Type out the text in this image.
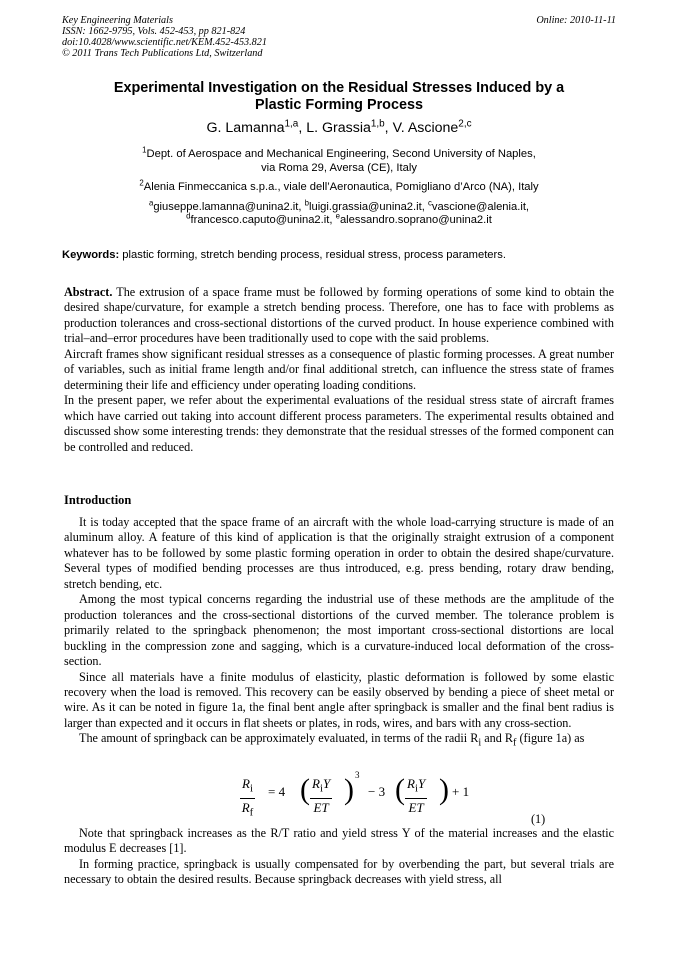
Key Engineering Materials
ISSN: 1662-9795, Vols. 452-453, pp 821-824
doi:10.4028/www.scientific.net/KEM.452-453.821
© 2011 Trans Tech Publications Ltd, Switzerland
Online: 2010-11-11
Experimental Investigation on the Residual Stresses Induced by a
Plastic Forming Process
G. Lamanna$^{1,a}$, L. Grassia$^{1,b}$, V. Ascione$^{2,c}$
$^1$Dept. of Aerospace and Mechanical Engineering, Second University of Naples,
via Roma 29, Aversa (CE), Italy
$^2$Alenia Finmeccanica s.p.a., viale dell’Aeronautica, Pomigliano d’Arco (NA), Italy
$^a$giuseppe.lamanna@unina2.it, $^b$luigi.grassia@unina2.it, $^c$vascione@alenia.it,
$^d$francesco.caputo@unina2.it, $^e$alessandro.soprano@unina2.it
Keywords: plastic forming, stretch bending process, residual stress, process parameters.

Abstract. The extrusion of a space frame must be followed by forming operations of some kind to obtain the desired shape/curvature, for example a stretch bending process. Therefore, one has to face with problems as production tolerances and cross-sectional distortions of the curved product. In house experience combined with trial–and–error procedures have been traditionally used to cope with the said problems.

Aircraft frames show significant residual stresses as a consequence of plastic forming processes. A great number of variables, such as initial frame length and/or final additional stretch, can influence the stress state of frames determining their life and efficiency under operating loading conditions.

In the present paper, we refer about the experimental evaluations of the residual stress state of aircraft frames which have carried out taking into account different process parameters. The experimental results obtained and discussed show some interesting trends: they demonstrate that the residual stresses of the formed component can be controlled and reduced.

Introduction

It is today accepted that the space frame of an aircraft with the whole load-carrying structure is made of an aluminum alloy. A feature of this kind of application is that the originally straight extrusion of a component whatever has to be followed by some plastic forming operation in order to obtain the desired shape/curvature. Several types of modified bending processes are thus introduced, e.g. press bending, rotary draw bending, stretch bending, etc.

Among the most typical concerns regarding the industrial use of these methods are the amplitude of the production tolerances and the cross-sectional distortions of the curved member. The tolerance problem is primarily related to the springback phenomenon; the most important cross-sectional distortions are local buckling in the compression zone and sagging, which is a curvature-induced local deformation of the cross-section.

Since all materials have a finite modulus of elasticity, plastic deformation is followed by some elastic recovery when the load is removed. This recovery can be easily observed by bending a piece of sheet metal or wire. As it can be noted in figure 1a, the final bent angle after springback is smaller and the final bent radius is larger than expected and it occurs in flat sheets or plates, in rods, wires, and bars with any cross-section.

The amount of springback can be approximately evaluated, in terms of the radii $R_i$ and $R_f$ (figure 1a) as

$\frac{R_i}{R_f} = 4$ ( $R_iY$
ET
) 3
− 3 ( $R_iY$
ET
) + 1
(1)

Note that springback increases as the R/T ratio and yield stress Y of the material increases and the elastic modulus E decreases [1].

In forming practice, springback is usually compensated for by overbending the part, but several trials are necessary to obtain the desired results. Because springback decreases with yield stress, all
